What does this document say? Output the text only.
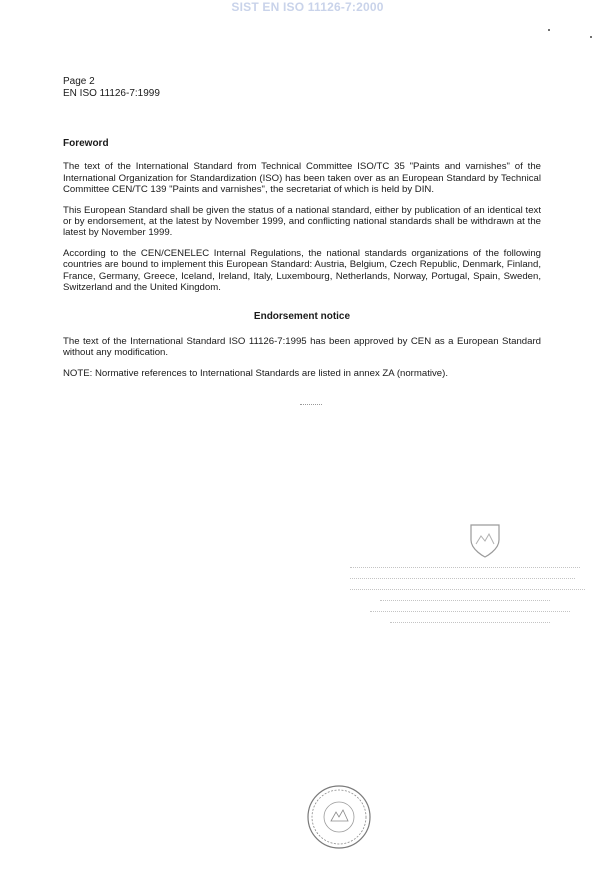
SIST EN ISO 11126-7:2000
Page 2
EN ISO 11126-7:1999
Foreword

The text of the International Standard from Technical Committee ISO/TC 35 "Paints and varnishes" of the International Organization for Standardization (ISO) has been taken over as an European Standard by Technical Committee CEN/TC 139 "Paints and varnishes", the secretariat of which is held by DIN.

This European Standard shall be given the status of a national standard, either by publication of an identical text or by endorsement, at the latest by November 1999, and conflicting national standards shall be withdrawn at the latest by November 1999.

According to the CEN/CENELEC Internal Regulations, the national standards organizations of the following countries are bound to implement this European Standard: Austria, Belgium, Czech Republic, Denmark, Finland, France, Germany, Greece, Iceland, Ireland, Italy, Luxembourg, Netherlands, Norway, Portugal, Spain, Sweden, Switzerland and the United Kingdom.

Endorsement notice

The text of the International Standard ISO 11126-7:1995 has been approved by CEN as a European Standard without any modification.

NOTE: Normative references to International Standards are listed in annex ZA (normative).
